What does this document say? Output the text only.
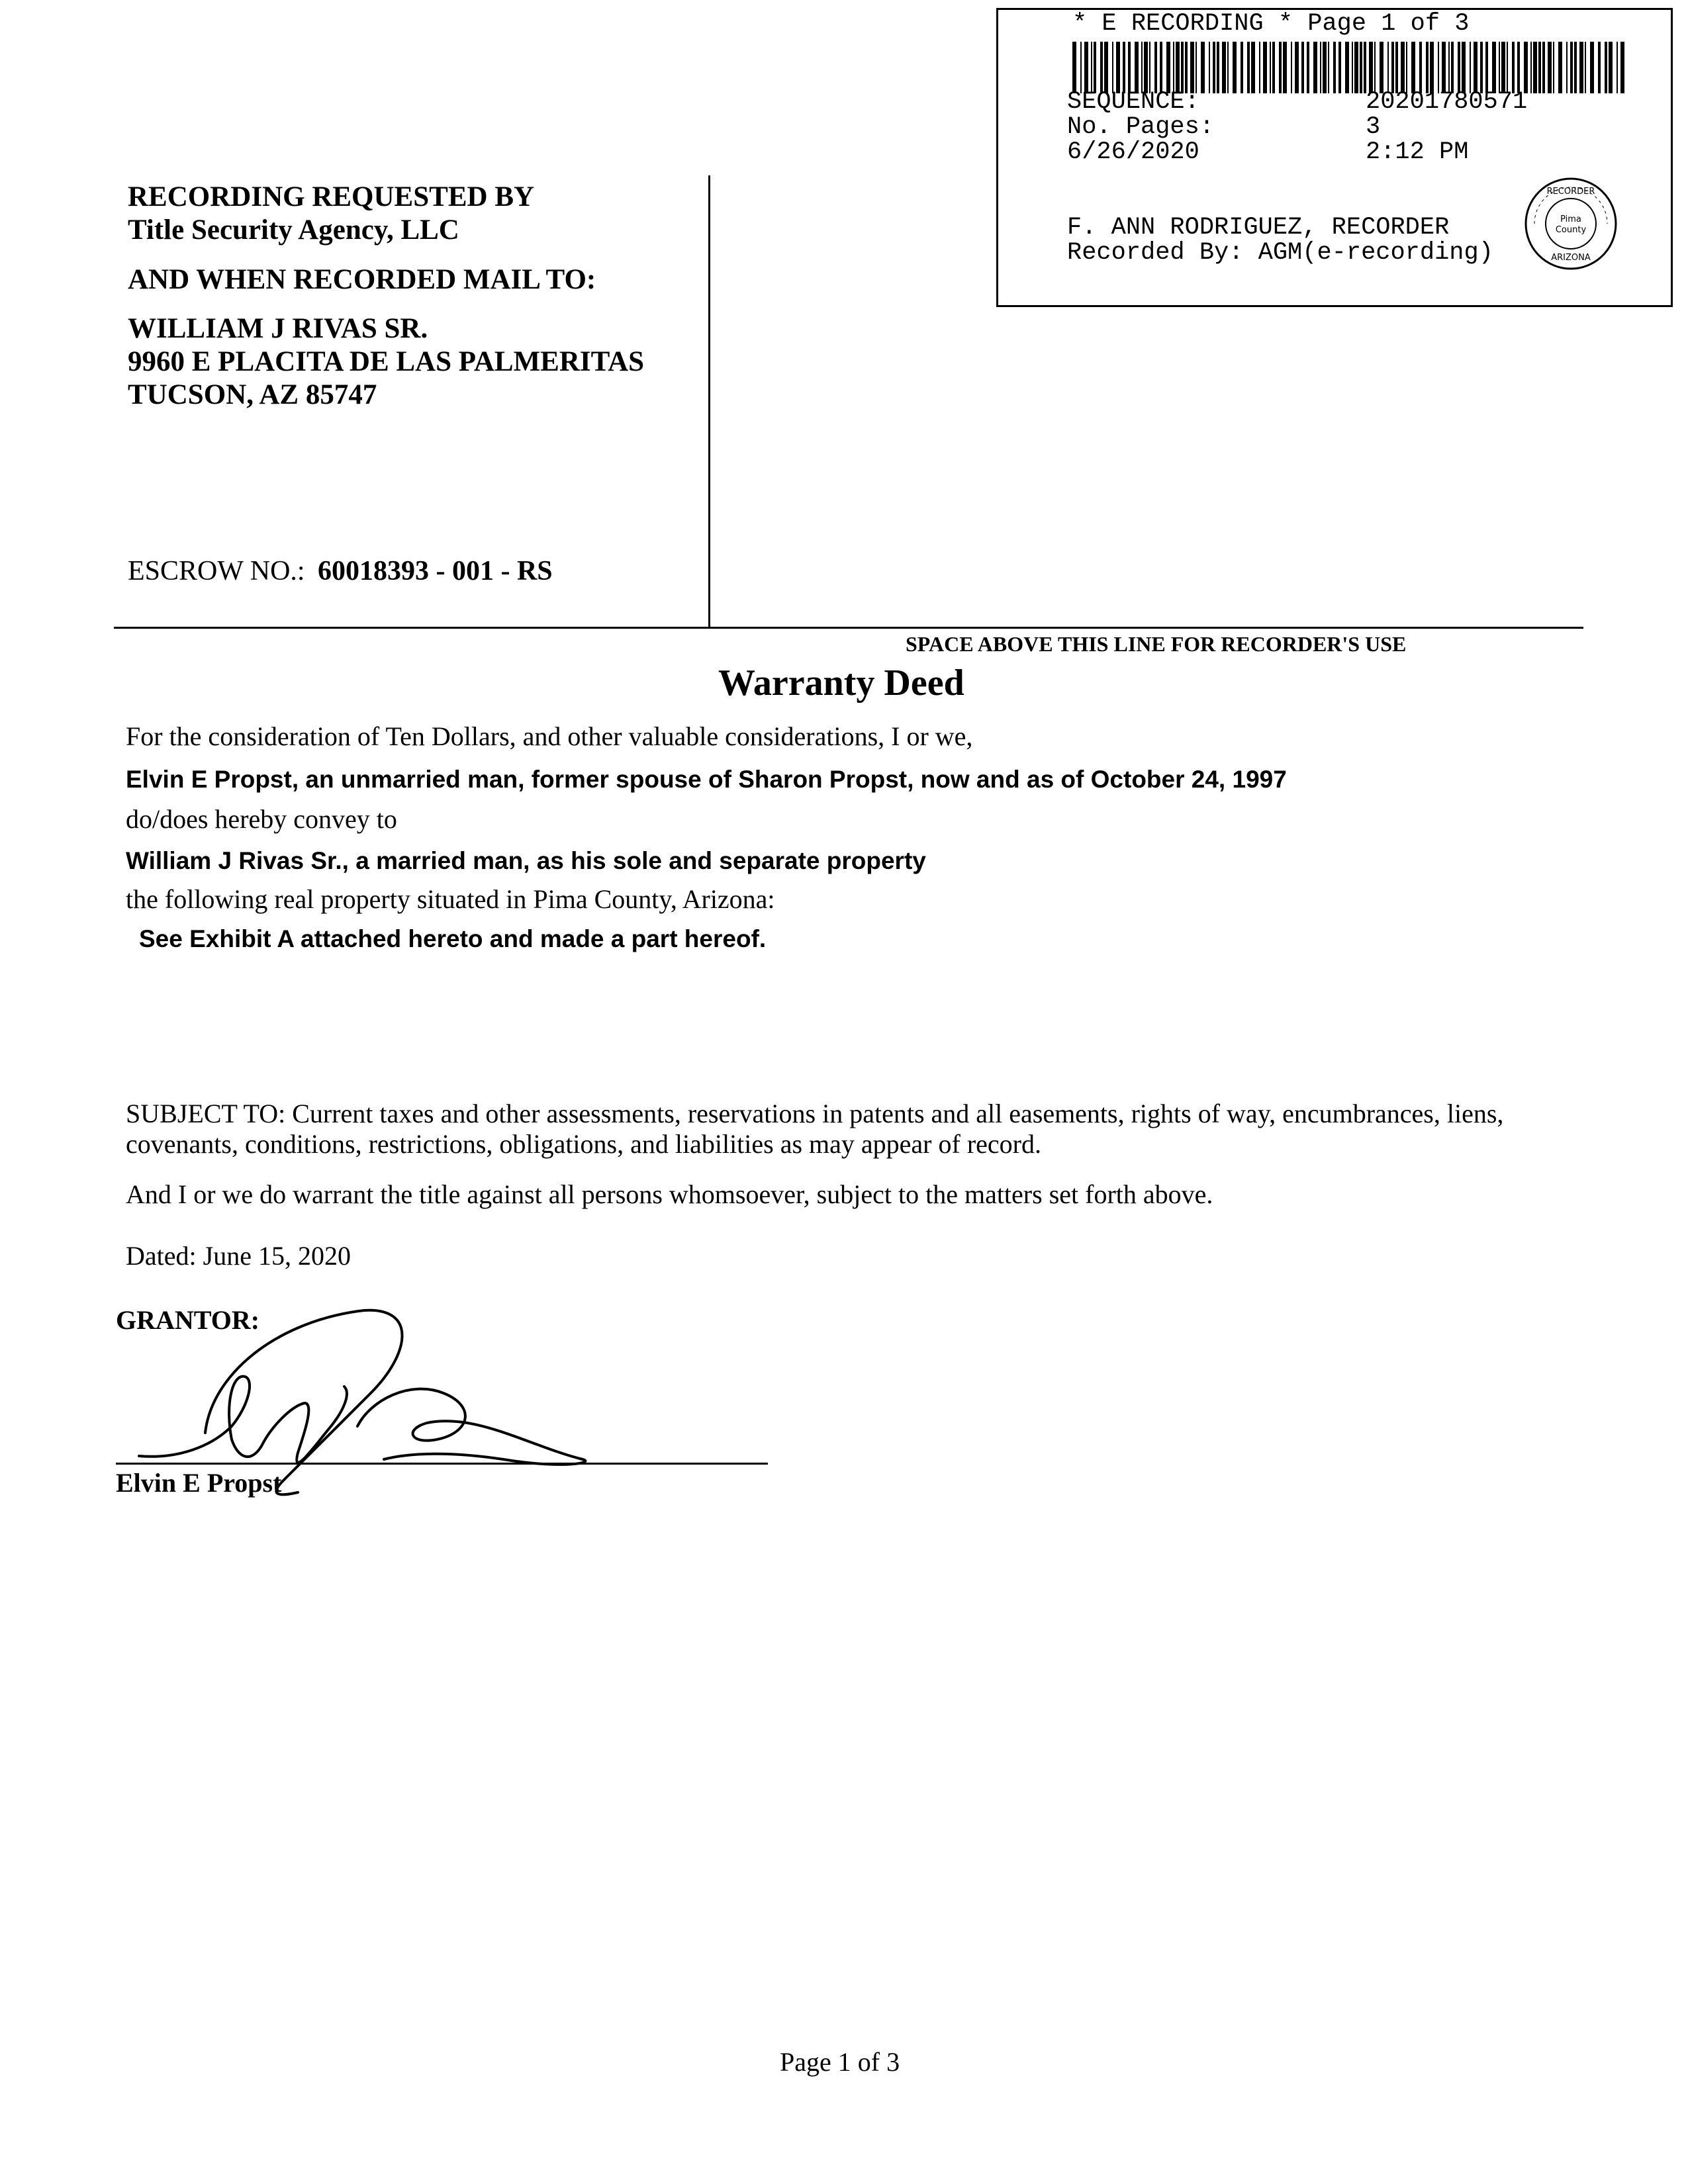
* E RECORDING * Page 1 of 3
SEQUENCE:	20201780571
No. Pages:	3
6/26/2020	2:12 PM
F. ANN RODRIGUEZ, RECORDER
Recorded By: AGM(e-recording)
Pima
County
RECORDER
ARIZONA
RECORDING REQUESTED BY
Title Security Agency, LLC
AND WHEN RECORDED MAIL TO:
WILLIAM J RIVAS SR.
9960 E PLACITA DE LAS PALMERITAS
TUCSON, AZ 85747
ESCROW NO.: 60018393 - 001 - RS
SPACE ABOVE THIS LINE FOR RECORDER'S USE
Warranty Deed
For the consideration of Ten Dollars, and other valuable considerations, I or we,
Elvin E Propst, an unmarried man, former spouse of Sharon Propst, now and as of October 24, 1997
do/does hereby convey to
William J Rivas Sr., a married man, as his sole and separate property
the following real property situated in Pima County, Arizona:
See Exhibit A attached hereto and made a part hereof.
SUBJECT TO: Current taxes and other assessments, reservations in patents and all easements, rights of way, encumbrances, liens,
covenants, conditions, restrictions, obligations, and liabilities as may appear of record.
And I or we do warrant the title against all persons whomsoever, subject to the matters set forth above.
Dated: June 15, 2020
GRANTOR:
Elvin E Propst
Page 1 of 3
